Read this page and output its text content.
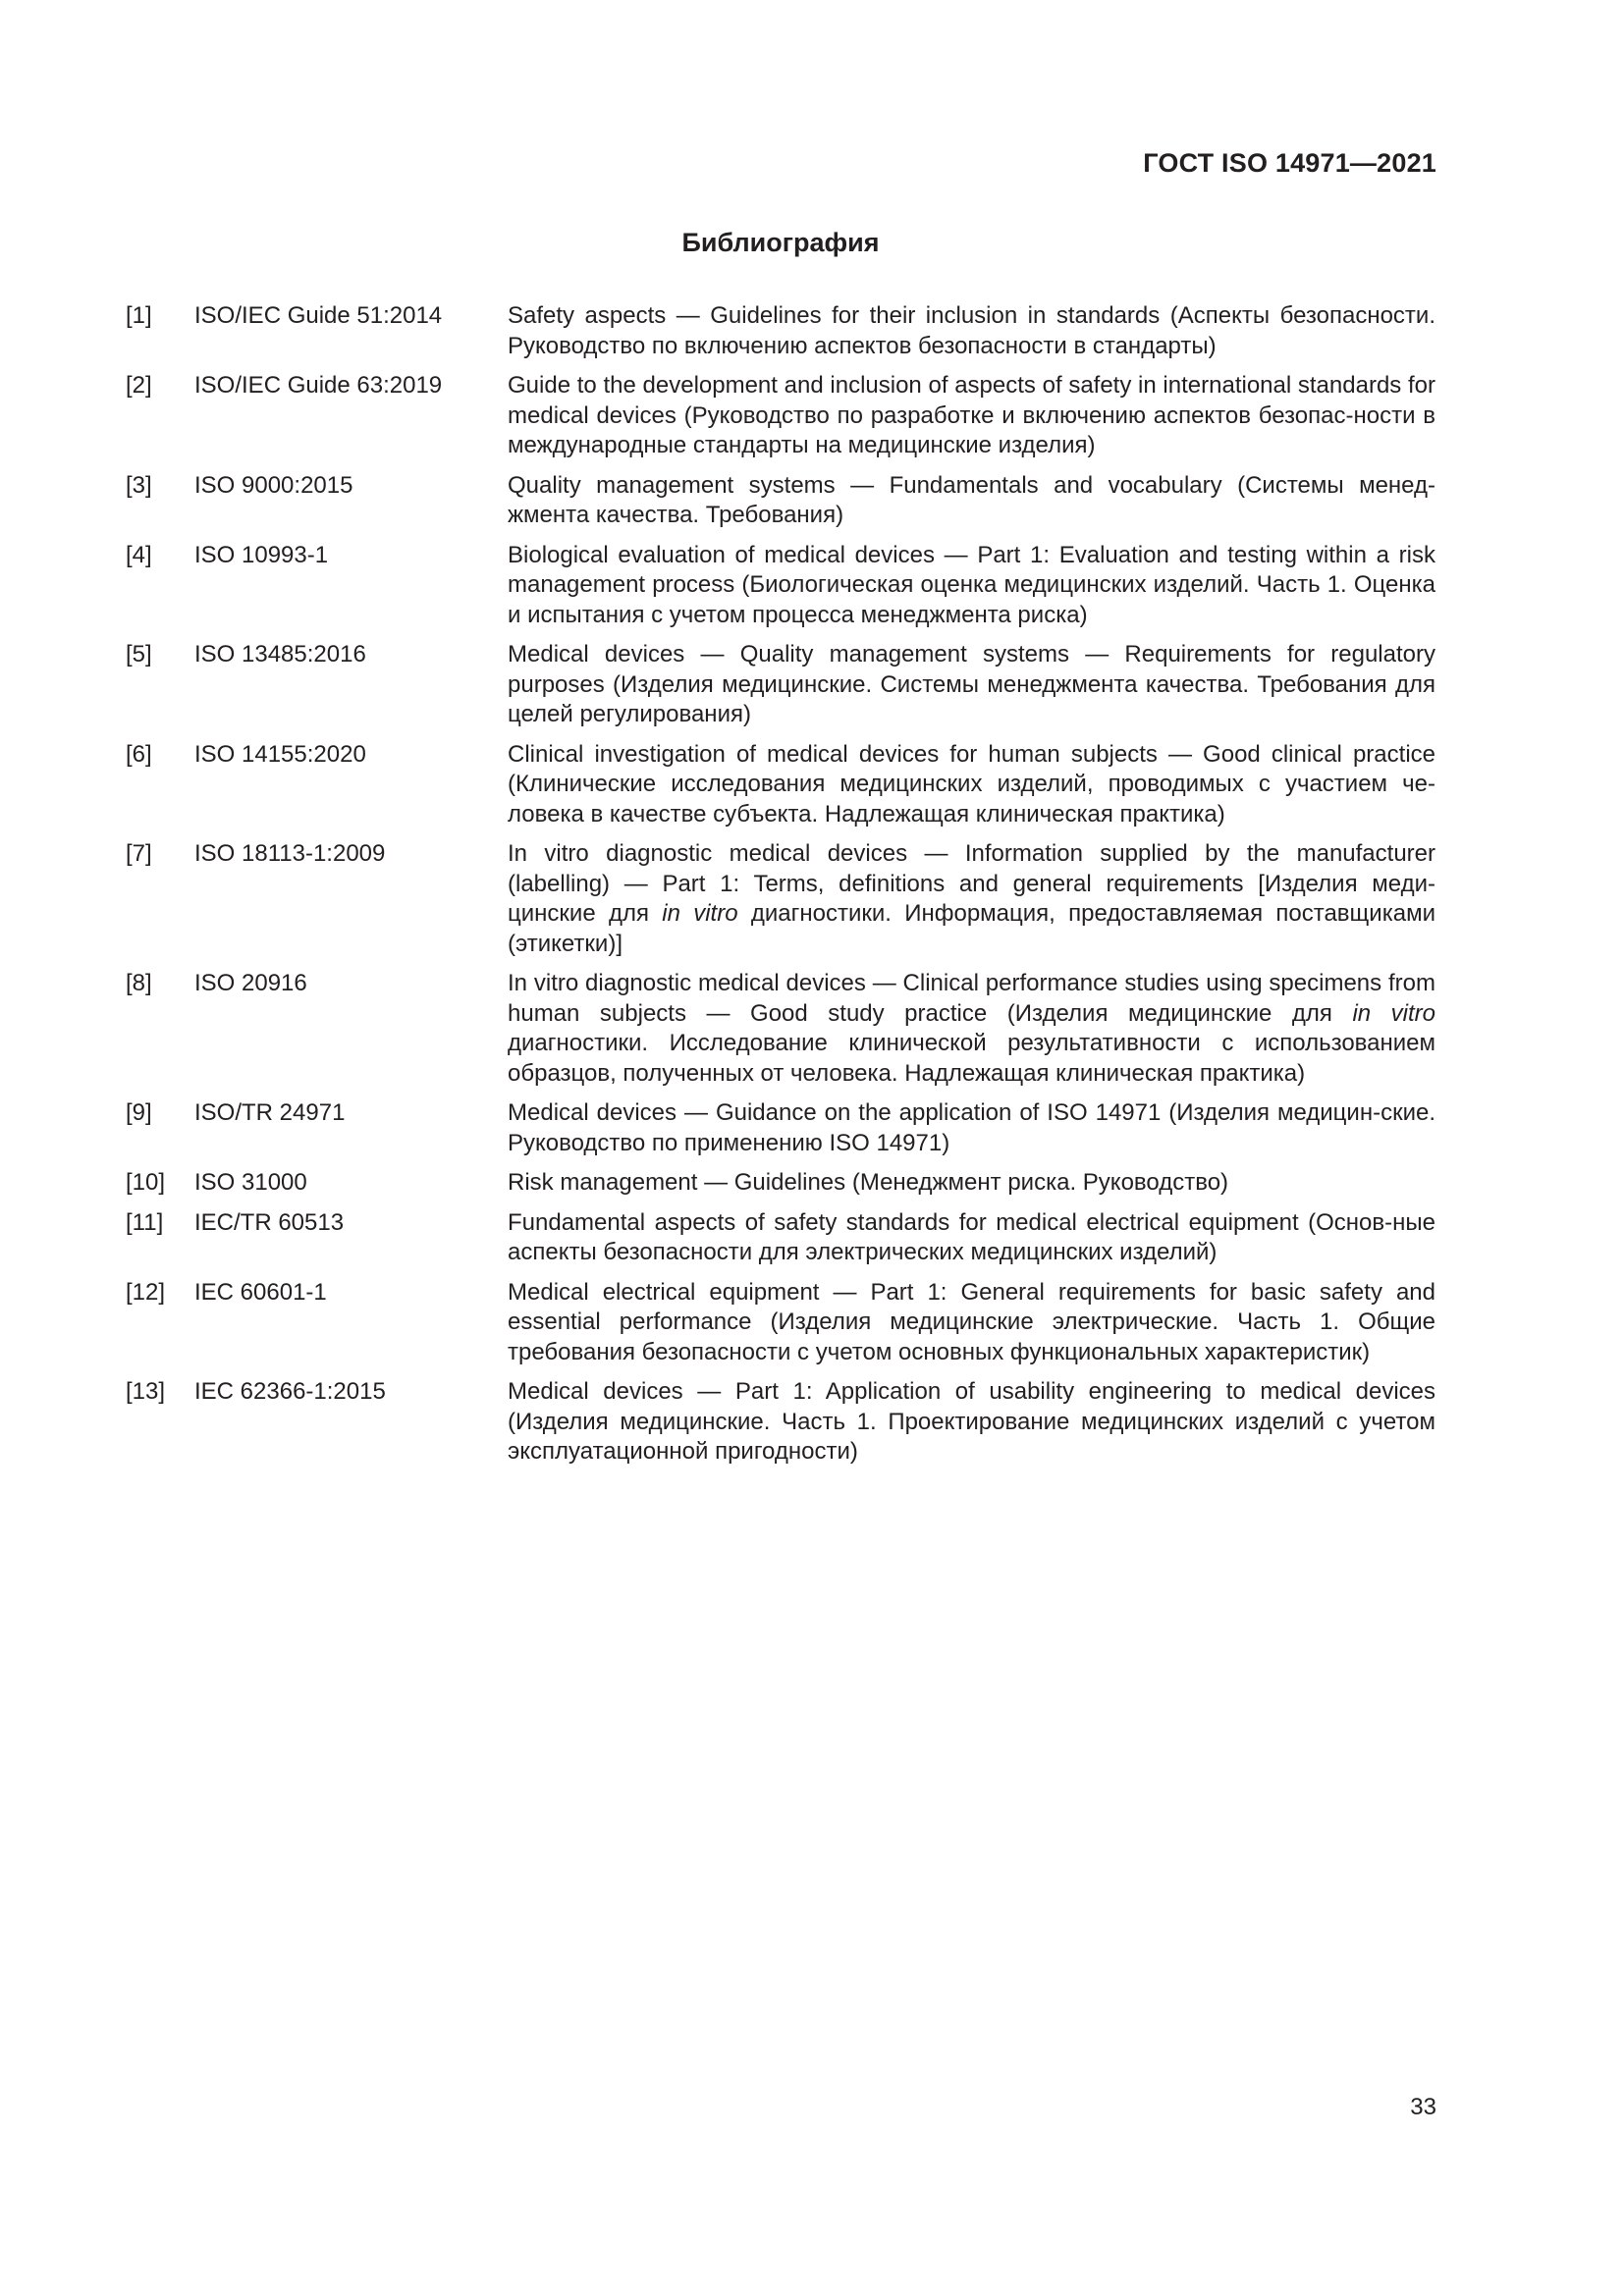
ГОСТ ISO 14971—2021
Библиография
[1]	ISO/IEC Guide 51:2014	Safety aspects — Guidelines for their inclusion in standards (Аспекты безопасности. Руководство по включению аспектов безопасности в стандарты)
[2]	ISO/IEC Guide 63:2019	Guide to the development and inclusion of aspects of safety in international standards for medical devices (Руководство по разработке и включению аспектов безопас-ности в международные стандарты на медицинские изделия)
[3]	ISO 9000:2015	Quality management systems — Fundamentals and vocabulary (Системы менед-жмента качества. Требования)
[4]	ISO 10993-1	Biological evaluation of medical devices — Part 1: Evaluation and testing within a risk management process (Биологическая оценка медицинских изделий. Часть 1. Оценка и испытания с учетом процесса менеджмента риска)
[5]	ISO 13485:2016	Medical devices — Quality management systems — Requirements for regulatory purposes (Изделия медицинские. Системы менеджмента качества. Требования для целей регулирования)
[6]	ISO 14155:2020	Clinical investigation of medical devices for human subjects — Good clinical practice (Клинические исследования медицинских изделий, проводимых с участием че-ловека в качестве субъекта. Надлежащая клиническая практика)
[7]	ISO 18113-1:2009	In vitro diagnostic medical devices — Information supplied by the manufacturer (labelling) — Part 1: Terms, definitions and general requirements [Изделия меди-цинские для in vitro диагностики. Информация, предоставляемая поставщиками (этикетки)]
[8]	ISO 20916	In vitro diagnostic medical devices — Clinical performance studies using specimens from human subjects — Good study practice (Изделия медицинские для in vitro диагностики. Исследование клинической результативности с использованием образцов, полученных от человека. Надлежащая клиническая практика)
[9]	ISO/TR 24971	Medical devices — Guidance on the application of ISO 14971 (Изделия медицин-ские. Руководство по применению ISO 14971)
[10]	ISO 31000	Risk management — Guidelines (Менеджмент риска. Руководство)
[11]	IEC/TR 60513	Fundamental aspects of safety standards for medical electrical equipment (Основ-ные аспекты безопасности для электрических медицинских изделий)
[12]	IEC 60601-1	Medical electrical equipment — Part 1: General requirements for basic safety and essential performance (Изделия медицинские электрические. Часть 1. Общие требования безопасности с учетом основных функциональных характеристик)
[13]	IEC 62366-1:2015	Medical devices — Part 1: Application of usability engineering to medical devices (Изделия медицинские. Часть 1. Проектирование медицинских изделий с учетом эксплуатационной пригодности)
33
